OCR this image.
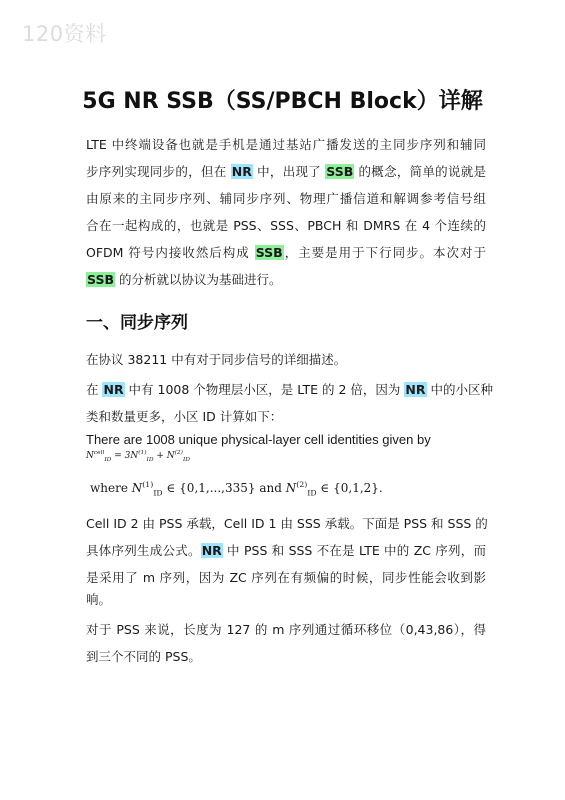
120资料
5G NR SSB（SS/PBCH Block）详解

LTE 中终端设备也就是手机是通过基站广播发送的主同步序列和辅同
步序列实现同步的，但在 NR 中，出现了 SSB 的概念，简单的说就是
由原来的主同步序列、辅同步序列、物理广播信道和解调参考信号组
合在一起构成的，也就是 PSS、SSS、PBCH 和 DMRS 在 4 个连续的
OFDM 符号内接收然后构成 SSB，主要是用于下行同步。本次对于
SSB 的分析就以协议为基础进行。

一、同步序列

在协议 38211 中有对于同步信号的详细描述。

在 NR 中有 1008 个物理层小区，是 LTE 的 2 倍，因为 NR 中的小区种
类和数量更多，小区 ID 计算如下：

There are 1008 unique physical-layer cell identities given by
$N^{cell}_{ID} = 3N^{(1)}_{ID} + N^{(2)}_{ID}$
where $N^{(1)}_{ID}$ ∈ {0,1,...,335} and $N^{(2)}_{ID}$ ∈ {0,1,2}.

Cell ID 2 由 PSS 承载，Cell ID 1 由 SSS 承载。下面是 PSS 和 SSS 的
具体序列生成公式。NR 中 PSS 和 SSS 不在是 LTE 中的 ZC 序列，而
是采用了 m 序列，因为 ZC 序列在有频偏的时候，同步性能会收到影
响。

对于 PSS 来说，长度为 127 的 m 序列通过循环移位（0,43,86），得
到三个不同的 PSS。
